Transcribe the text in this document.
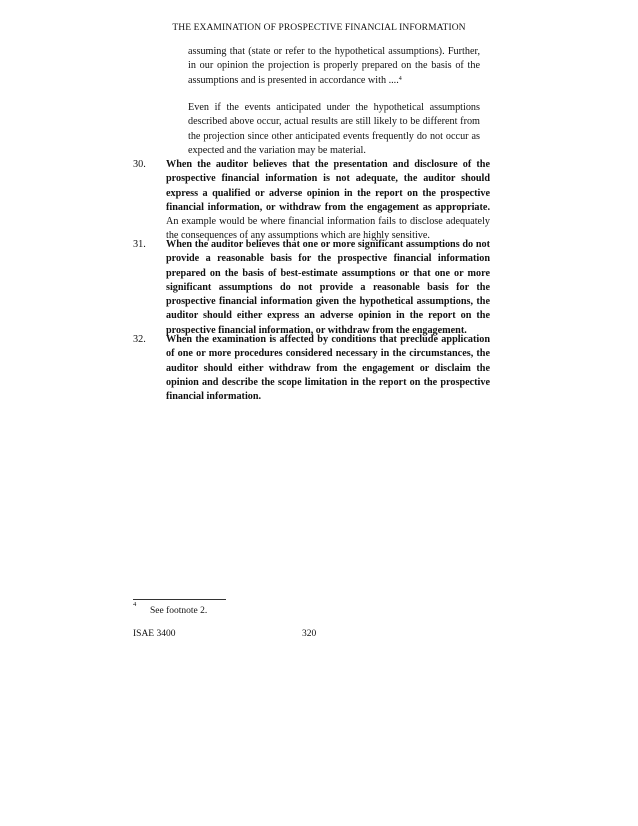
THE EXAMINATION OF PROSPECTIVE FINANCIAL INFORMATION

assuming that (state or refer to the hypothetical assumptions). Further, in our opinion the projection is properly prepared on the basis of the assumptions and is presented in accordance with ....$^4$

Even if the events anticipated under the hypothetical assumptions described above occur, actual results are still likely to be different from the projection since other anticipated events frequently do not occur as expected and the variation may be material.

30.	When the auditor believes that the presentation and disclosure of the prospective financial information is not adequate, the auditor should express a qualified or adverse opinion in the report on the prospective financial information, or withdraw from the engagement as appropriate. An example would be where financial information fails to disclose adequately the consequences of any assumptions which are highly sensitive.
31.	When the auditor believes that one or more significant assumptions do not provide a reasonable basis for the prospective financial information prepared on the basis of best-estimate assumptions or that one or more significant assumptions do not provide a reasonable basis for the prospective financial information given the hypothetical assumptions, the auditor should either express an adverse opinion in the report on the prospective financial information, or withdraw from the engagement.
32.	When the examination is affected by conditions that preclude application of one or more procedures considered necessary in the circumstances, the auditor should either withdraw from the engagement or disclaim the opinion and describe the scope limitation in the report on the prospective financial information.
4
See footnote 2.
ISAE 3400	320
